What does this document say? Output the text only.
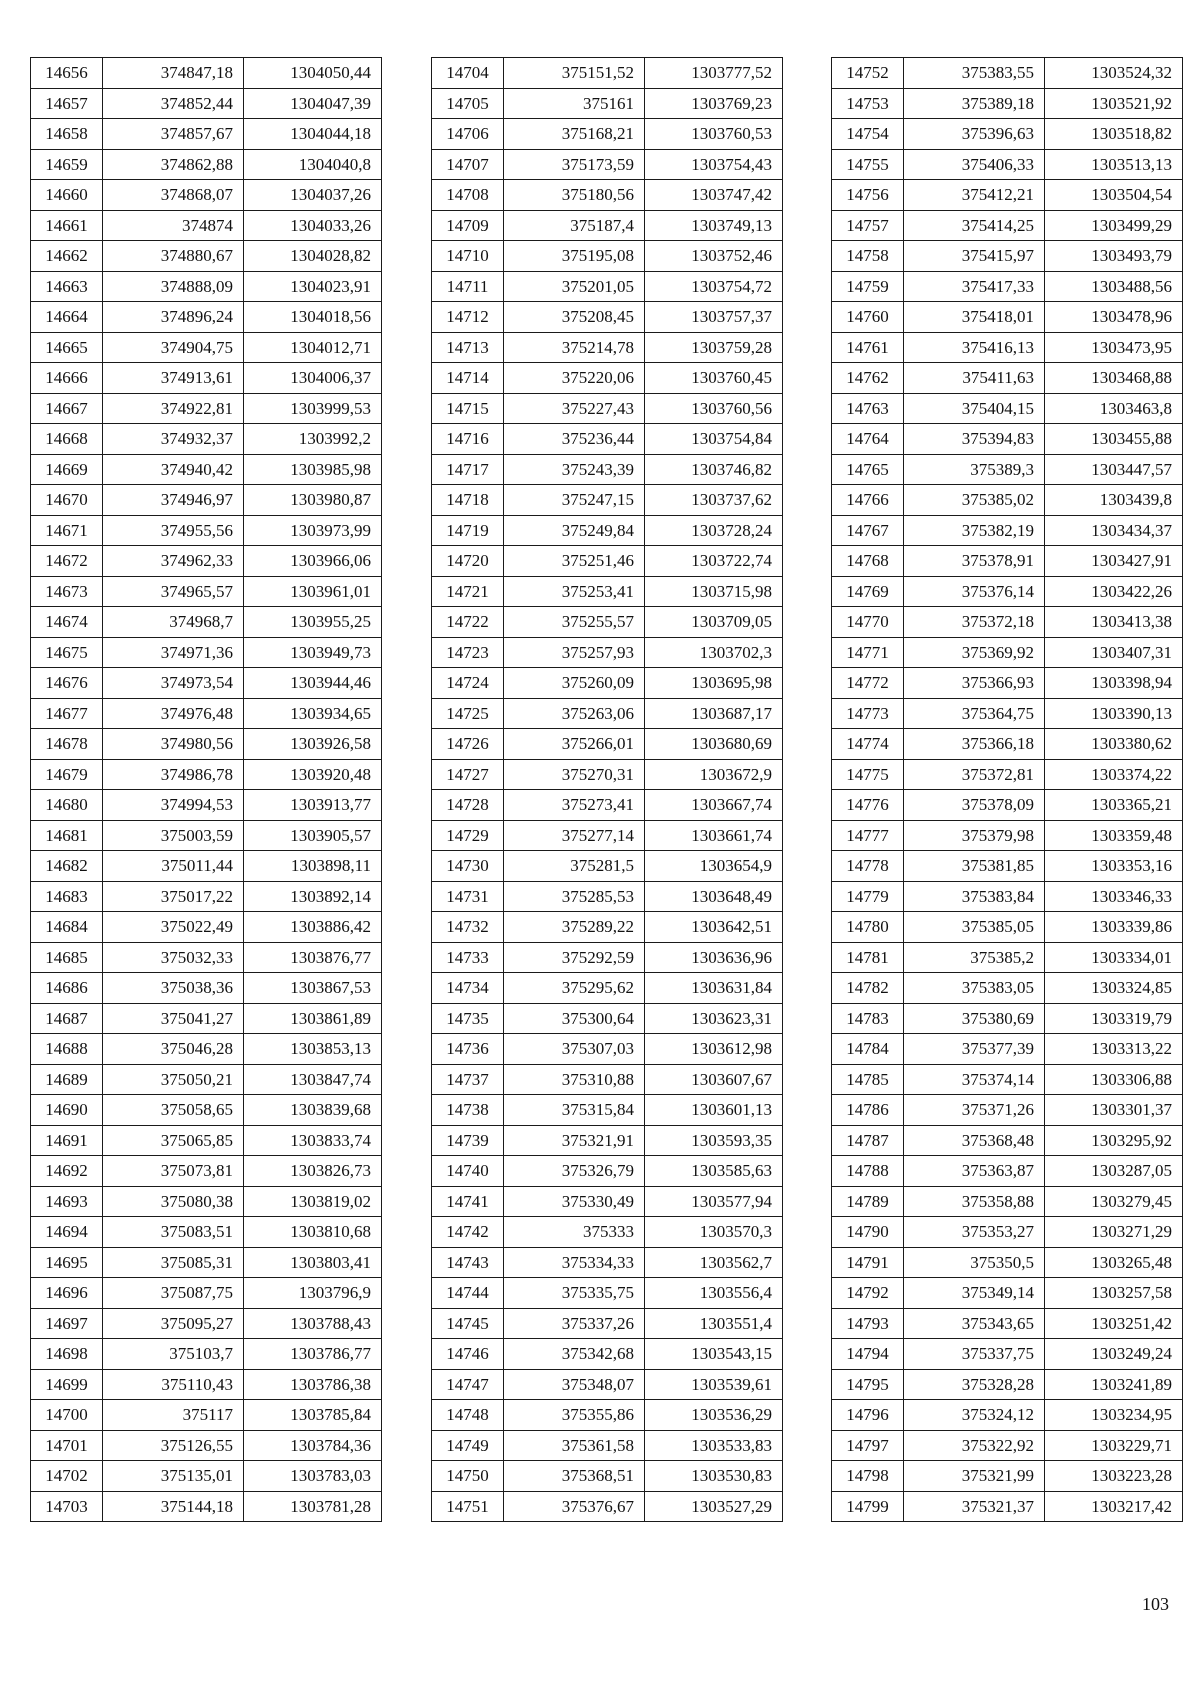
14656	374847,18	1304050,44
14657	374852,44	1304047,39
14658	374857,67	1304044,18
14659	374862,88	1304040,8
14660	374868,07	1304037,26
14661	374874	1304033,26
14662	374880,67	1304028,82
14663	374888,09	1304023,91
14664	374896,24	1304018,56
14665	374904,75	1304012,71
14666	374913,61	1304006,37
14667	374922,81	1303999,53
14668	374932,37	1303992,2
14669	374940,42	1303985,98
14670	374946,97	1303980,87
14671	374955,56	1303973,99
14672	374962,33	1303966,06
14673	374965,57	1303961,01
14674	374968,7	1303955,25
14675	374971,36	1303949,73
14676	374973,54	1303944,46
14677	374976,48	1303934,65
14678	374980,56	1303926,58
14679	374986,78	1303920,48
14680	374994,53	1303913,77
14681	375003,59	1303905,57
14682	375011,44	1303898,11
14683	375017,22	1303892,14
14684	375022,49	1303886,42
14685	375032,33	1303876,77
14686	375038,36	1303867,53
14687	375041,27	1303861,89
14688	375046,28	1303853,13
14689	375050,21	1303847,74
14690	375058,65	1303839,68
14691	375065,85	1303833,74
14692	375073,81	1303826,73
14693	375080,38	1303819,02
14694	375083,51	1303810,68
14695	375085,31	1303803,41
14696	375087,75	1303796,9
14697	375095,27	1303788,43
14698	375103,7	1303786,77
14699	375110,43	1303786,38
14700	375117	1303785,84
14701	375126,55	1303784,36
14702	375135,01	1303783,03
14703	375144,18	1303781,28
14704	375151,52	1303777,52
14705	375161	1303769,23
14706	375168,21	1303760,53
14707	375173,59	1303754,43
14708	375180,56	1303747,42
14709	375187,4	1303749,13
14710	375195,08	1303752,46
14711	375201,05	1303754,72
14712	375208,45	1303757,37
14713	375214,78	1303759,28
14714	375220,06	1303760,45
14715	375227,43	1303760,56
14716	375236,44	1303754,84
14717	375243,39	1303746,82
14718	375247,15	1303737,62
14719	375249,84	1303728,24
14720	375251,46	1303722,74
14721	375253,41	1303715,98
14722	375255,57	1303709,05
14723	375257,93	1303702,3
14724	375260,09	1303695,98
14725	375263,06	1303687,17
14726	375266,01	1303680,69
14727	375270,31	1303672,9
14728	375273,41	1303667,74
14729	375277,14	1303661,74
14730	375281,5	1303654,9
14731	375285,53	1303648,49
14732	375289,22	1303642,51
14733	375292,59	1303636,96
14734	375295,62	1303631,84
14735	375300,64	1303623,31
14736	375307,03	1303612,98
14737	375310,88	1303607,67
14738	375315,84	1303601,13
14739	375321,91	1303593,35
14740	375326,79	1303585,63
14741	375330,49	1303577,94
14742	375333	1303570,3
14743	375334,33	1303562,7
14744	375335,75	1303556,4
14745	375337,26	1303551,4
14746	375342,68	1303543,15
14747	375348,07	1303539,61
14748	375355,86	1303536,29
14749	375361,58	1303533,83
14750	375368,51	1303530,83
14751	375376,67	1303527,29
14752	375383,55	1303524,32
14753	375389,18	1303521,92
14754	375396,63	1303518,82
14755	375406,33	1303513,13
14756	375412,21	1303504,54
14757	375414,25	1303499,29
14758	375415,97	1303493,79
14759	375417,33	1303488,56
14760	375418,01	1303478,96
14761	375416,13	1303473,95
14762	375411,63	1303468,88
14763	375404,15	1303463,8
14764	375394,83	1303455,88
14765	375389,3	1303447,57
14766	375385,02	1303439,8
14767	375382,19	1303434,37
14768	375378,91	1303427,91
14769	375376,14	1303422,26
14770	375372,18	1303413,38
14771	375369,92	1303407,31
14772	375366,93	1303398,94
14773	375364,75	1303390,13
14774	375366,18	1303380,62
14775	375372,81	1303374,22
14776	375378,09	1303365,21
14777	375379,98	1303359,48
14778	375381,85	1303353,16
14779	375383,84	1303346,33
14780	375385,05	1303339,86
14781	375385,2	1303334,01
14782	375383,05	1303324,85
14783	375380,69	1303319,79
14784	375377,39	1303313,22
14785	375374,14	1303306,88
14786	375371,26	1303301,37
14787	375368,48	1303295,92
14788	375363,87	1303287,05
14789	375358,88	1303279,45
14790	375353,27	1303271,29
14791	375350,5	1303265,48
14792	375349,14	1303257,58
14793	375343,65	1303251,42
14794	375337,75	1303249,24
14795	375328,28	1303241,89
14796	375324,12	1303234,95
14797	375322,92	1303229,71
14798	375321,99	1303223,28
14799	375321,37	1303217,42
103
